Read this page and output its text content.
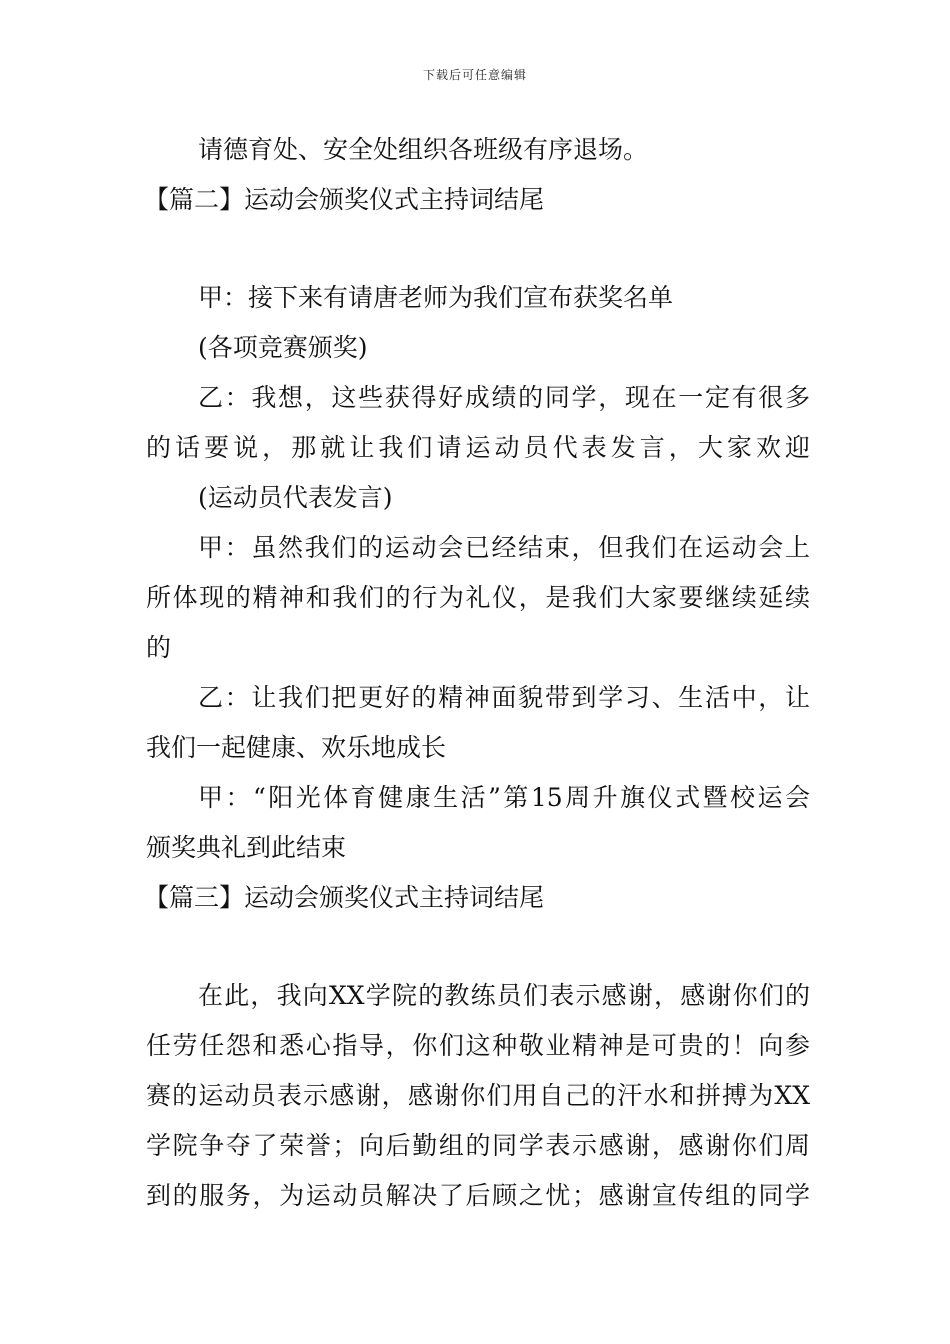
下载后可任意编辑
请德育处、安全处组织各班级有序退场。
【篇二】运动会颁奖仪式主持词结尾
甲：接下来有请唐老师为我们宣布获奖名单
(各项竞赛颁奖)
乙：我想，这些获得好成绩的同学，现在一定有很多
的话要说，那就让我们请运动员代表发言，大家欢迎
(运动员代表发言)
甲：虽然我们的运动会已经结束，但我们在运动会上
所体现的精神和我们的行为礼仪，是我们大家要继续延续
的
乙：让我们把更好的精神面貌带到学习、生活中，让
我们一起健康、欢乐地成长
甲：“阳光体育健康生活”第15周升旗仪式暨校运会
颁奖典礼到此结束
【篇三】运动会颁奖仪式主持词结尾
在此，我向XX学院的教练员们表示感谢，感谢你们的
任劳任怨和悉心指导，你们这种敬业精神是可贵的！向参
赛的运动员表示感谢，感谢你们用自己的汗水和拼搏为XX
学院争夺了荣誉；向后勤组的同学表示感谢，感谢你们周
到的服务，为运动员解决了后顾之忧；感谢宣传组的同学
